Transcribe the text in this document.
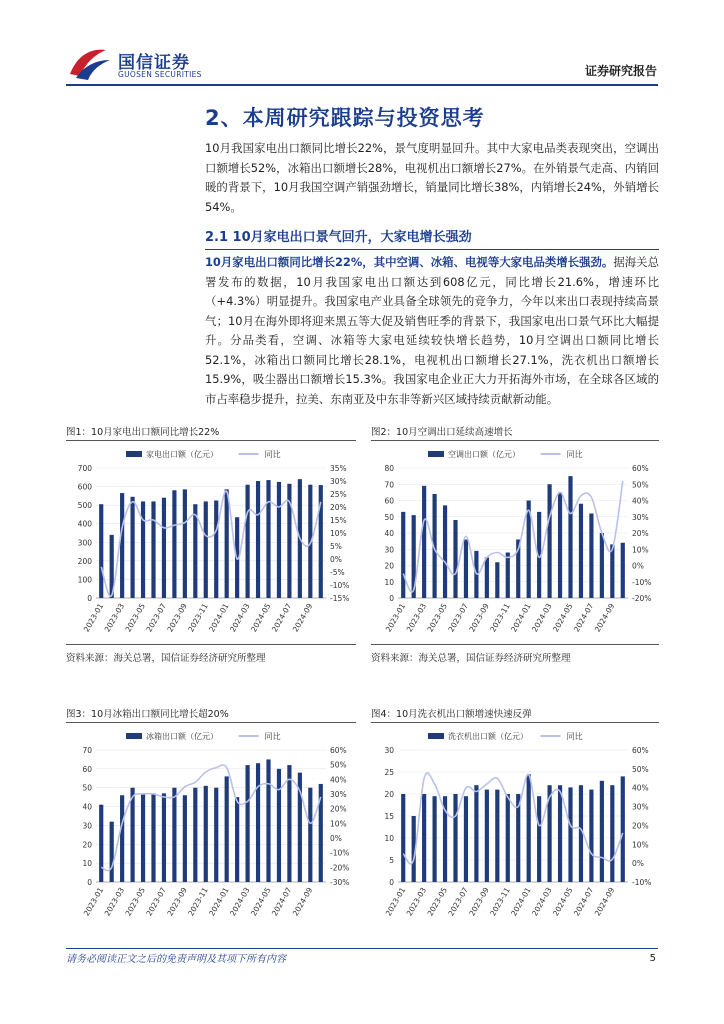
国信证券
GUOSEN SECURITIES	证券研究报告
2、本周研究跟踪与投资思考
10月我国家电出口额同比增长22%，景气度明显回升。其中大家电品类表现突出，空调出口额增长52%，冰箱出口额增长28%，电视机出口额增长27%。在外销景气走高、内销回暖的背景下，10月我国空调产销强劲增长，销量同比增长38%，内销增长24%，外销增长54%。
2.1 10月家电出口景气回升，大家电增长强劲
10月家电出口额同比增长22%，其中空调、冰箱、电视等大家电品类增长强劲。据海关总署发布的数据，10月我国家电出口额达到608亿元，同比增长21.6%，增速环比（+4.3%）明显提升。我国家电产业具备全球领先的竞争力，今年以来出口表现持续高景气；10月在海外即将迎来黑五等大促及销售旺季的背景下，我国家电出口景气环比大幅提升。分品类看，空调、冰箱等大家电延续较快增长趋势，10月空调出口额同比增长52.1%，冰箱出口额同比增长28.1%，电视机出口额增长27.1%，洗衣机出口额增长15.9%，吸尘器出口额增长15.3%。我国家电企业正大力开拓海外市场，在全球各区域的市占率稳步提升，拉美、东南亚及中东非等新兴区域持续贡献新动能。
图1：10月家电出口额同比增长22%
家电出口额（亿元）	同比
0
100
200
300
400
500
600
700
-15%
-10%
-5%
0%
5%
10%
15%
20%
25%
30%
35%
2023-01
2023-03
2023-05
2023-07
2023-09
2023-11
2024-01
2024-03
2024-05
2024-07
2024-09
资料来源：海关总署，国信证券经济研究所整理
图2：10月空调出口延续高速增长
空调出口额（亿元）	同比
0
10
20
30
40
50
60
70
80
-20%
-10%
0%
10%
20%
30%
40%
50%
60%
2023-01
2023-03
2023-05
2023-07
2023-09
2023-11
2024-01
2024-03
2024-05
2024-07
2024-09
资料来源：海关总署，国信证券经济研究所整理
图3：10月冰箱出口额同比增长超20%
冰箱出口额（亿元）	同比
0
10
20
30
40
50
60
70
-30%
-20%
-10%
0%
10%
20%
30%
40%
50%
60%
2023-01
2023-03
2023-05
2023-07
2023-09
2023-11
2024-01
2024-03
2024-05
2024-07
2024-09
图4：10月洗衣机出口额增速快速反弹
洗衣机出口额（亿元）	同比
0
5
10
15
20
25
30
-10%
0%
10%
20%
30%
40%
50%
60%
2023-01
2023-03
2023-05
2023-07
2023-09
2023-11
2024-01
2024-03
2024-05
2024-07
2024-09
请务必阅读正文之后的免责声明及其项下所有内容	5
